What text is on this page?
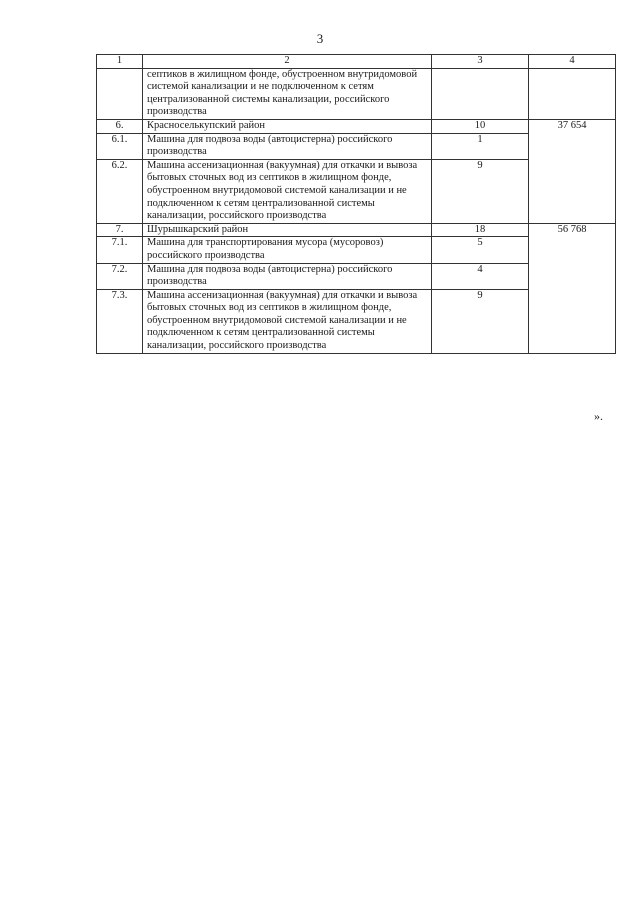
3
1	2	3	4
	септиков в жилищном фонде, обустроенном внутридомовой системой канализации и не подключенном к сетям централизованной системы канализации, российского производства		
6.	Красноселькупский район	10	37 654
6.1.	Машина для подвоза воды (автоцистерна) российского производства	1	
6.2.	Машина ассенизационная (вакуумная) для откачки и вывоза бытовых сточных вод из септиков в жилищном фонде, обустроенном внутридомовой системой канализации и не подключенном к сетям централизованной системы канализации, российского производства	9	
7.	Шурышкарский район	18	56 768
7.1.	Машина для транспортирования мусора (мусоровоз) российского производства	5	
7.2.	Машина для подвоза воды (автоцистерна) российского производства	4	
7.3.	Машина ассенизационная (вакуумная) для откачки и вывоза бытовых сточных вод из септиков в жилищном фонде, обустроенном внутридомовой системой канализации и не подключенном к сетям централизованной системы канализации, российского производства	9	
».
